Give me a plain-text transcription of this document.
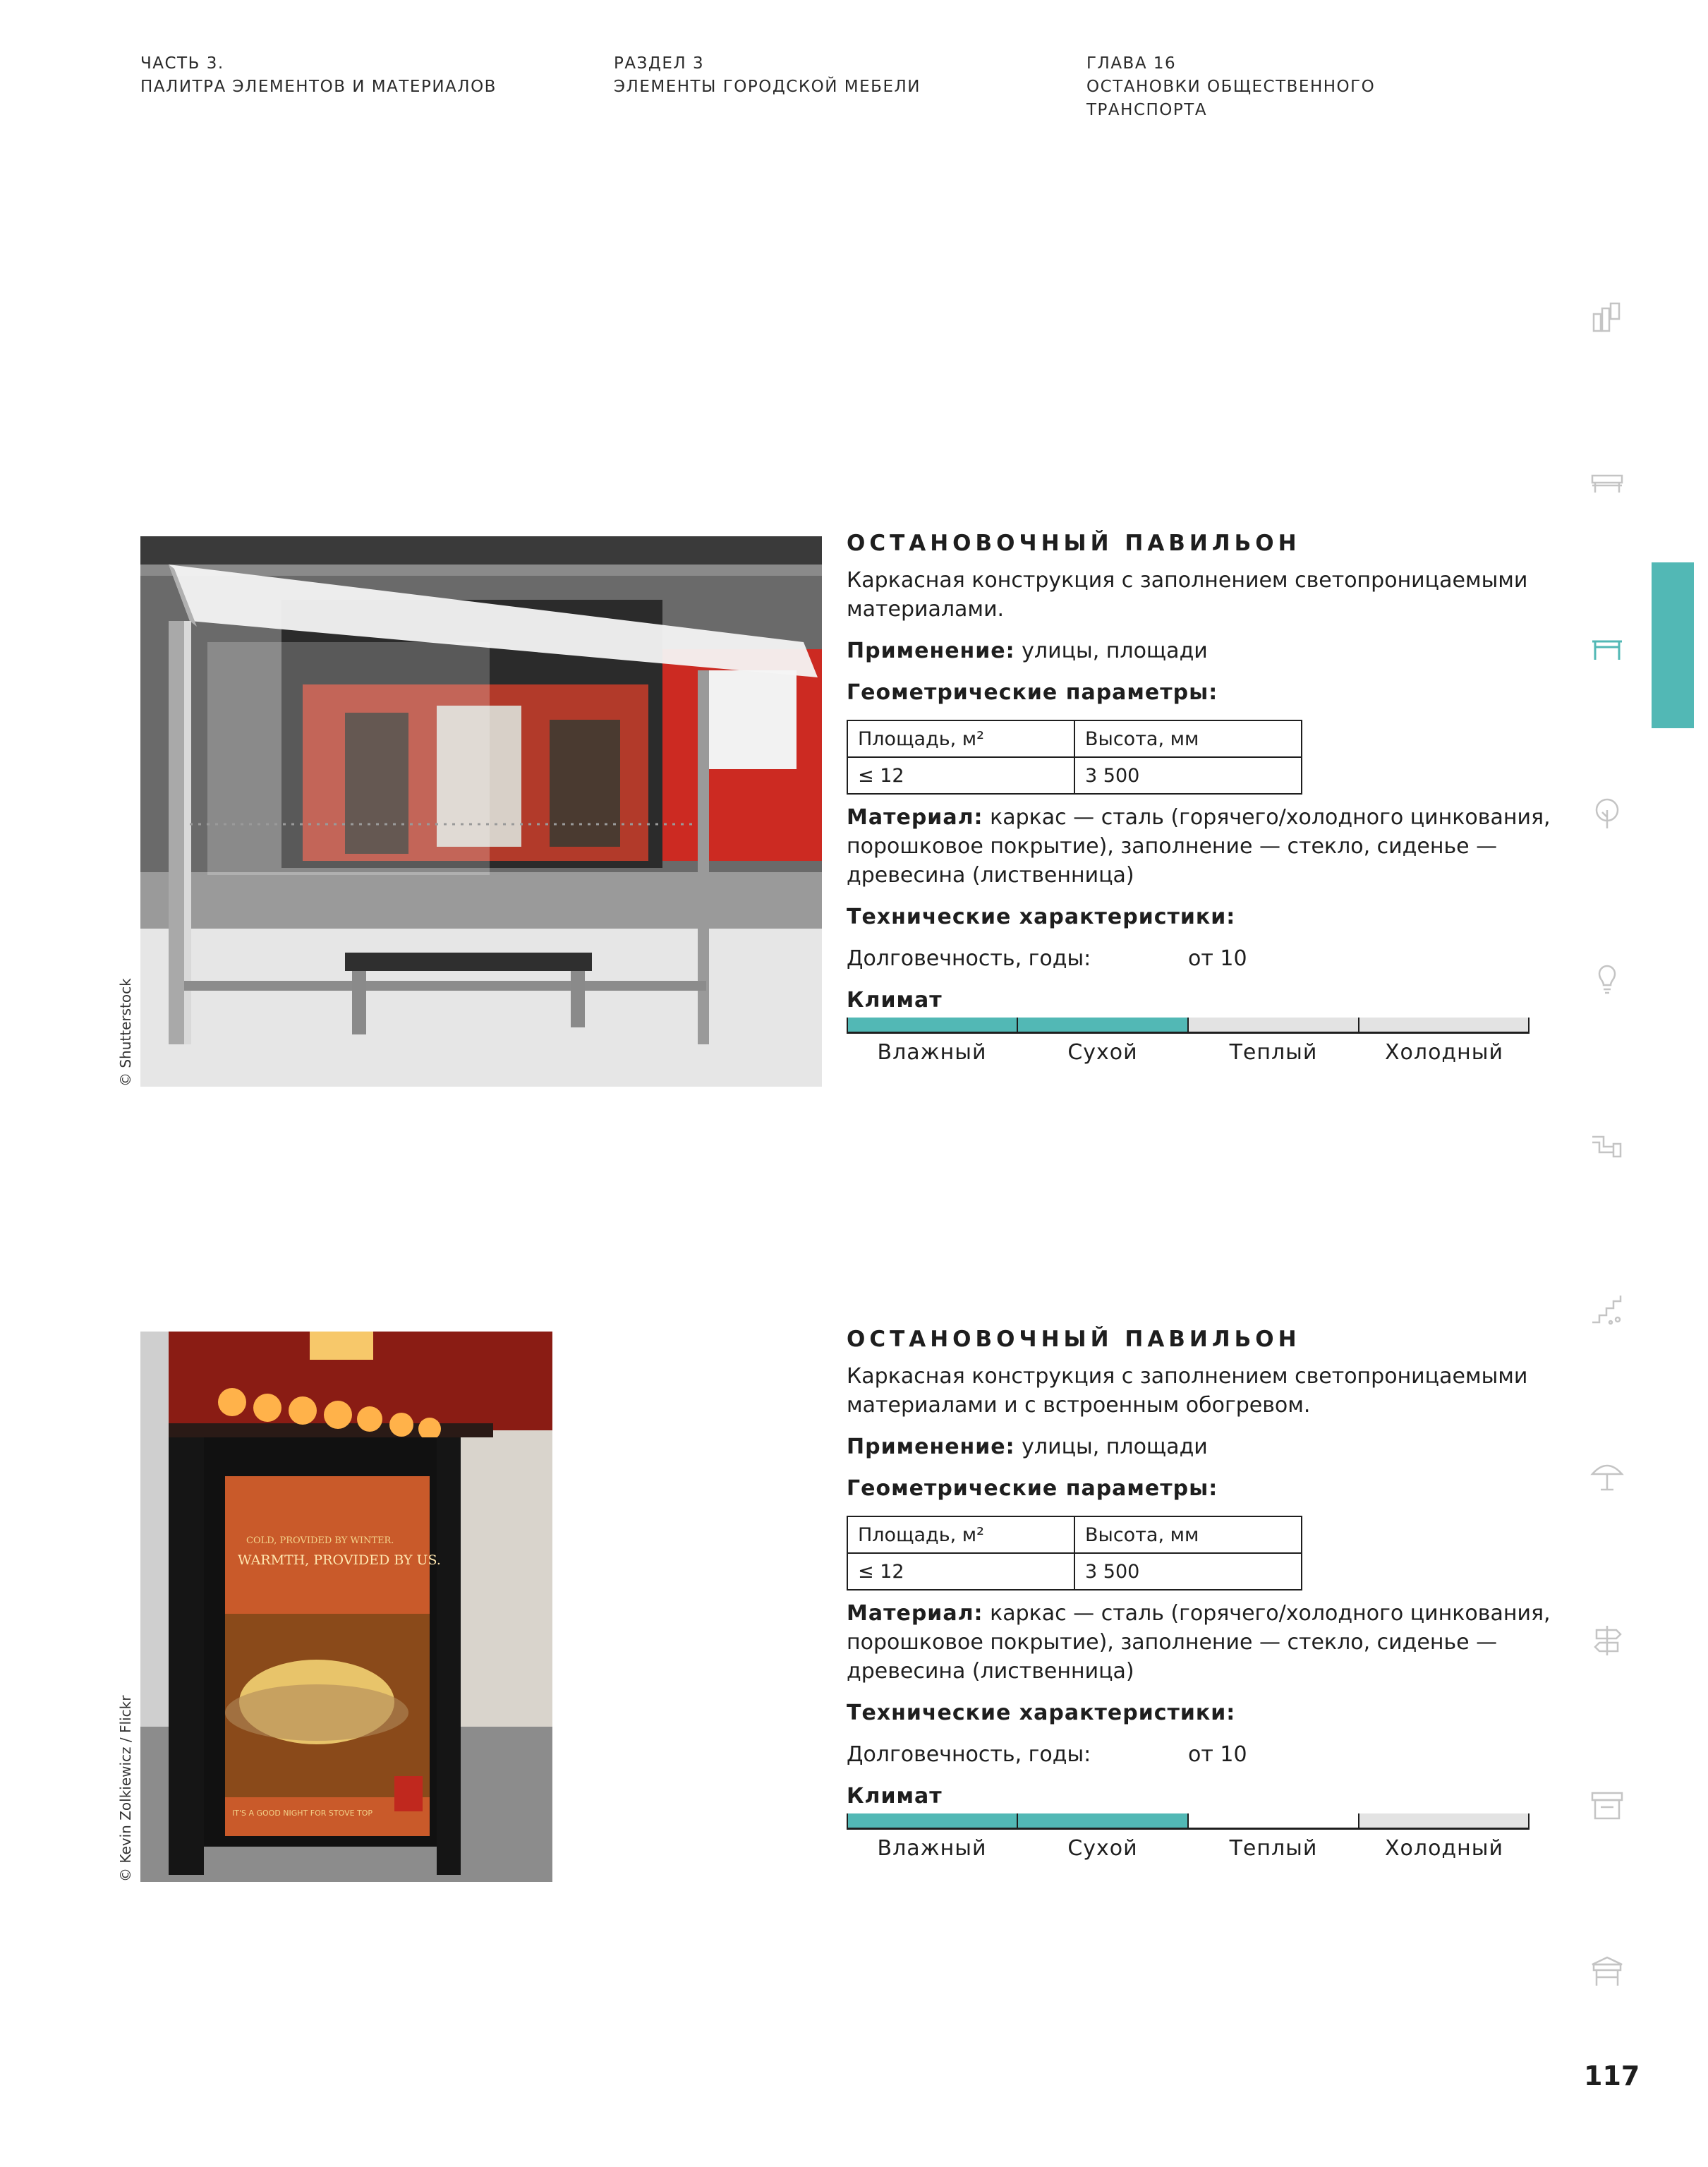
ЧАСТЬ 3.
ПАЛИТРА ЭЛЕМЕНТОВ И МАТЕРИАЛОВ
РАЗДЕЛ 3
ЭЛЕМЕНТЫ ГОРОДСКОЙ МЕБЕЛИ
ГЛАВА 16
ОСТАНОВКИ ОБЩЕСТВЕННОГО
ТРАНСПОРТА
© Shutterstock
ОСТАНОВОЧНЫЙ ПАВИЛЬОН

Каркасная конструкция с заполнением светопроницаемыми материалами.

Применение: улицы, площади

Геометрические параметры:
Площадь, м²	Высота, мм
≤ 12	3 500

Материал: каркас — сталь (горячего/холодного цинкования, порошковое покрытие), заполнение — стекло, сиденье — древесина (лиственница)

Технические характеристики:
Долговечность, годы:	от 10
Климат
Влажный	Сухой	Теплый	Холодный
COLD, PROVIDED BY WINTER.
WARMTH, PROVIDED BY US.
IT'S A GOOD NIGHT FOR STOVE TOP
© Kevin Zolkiewicz / Flickr
ОСТАНОВОЧНЫЙ ПАВИЛЬОН

Каркасная конструкция с заполнением светопроницаемыми материалами и с встроенным обогревом.

Применение: улицы, площади

Геометрические параметры:
Площадь, м²	Высота, мм
≤ 12	3 500

Материал: каркас — сталь (горячего/холодного цинкования, порошковое покрытие), заполнение — стекло, сиденье — древесина (лиственница)

Технические характеристики:
Долговечность, годы:	от 10
Климат
Влажный	Сухой	Теплый	Холодный
117
